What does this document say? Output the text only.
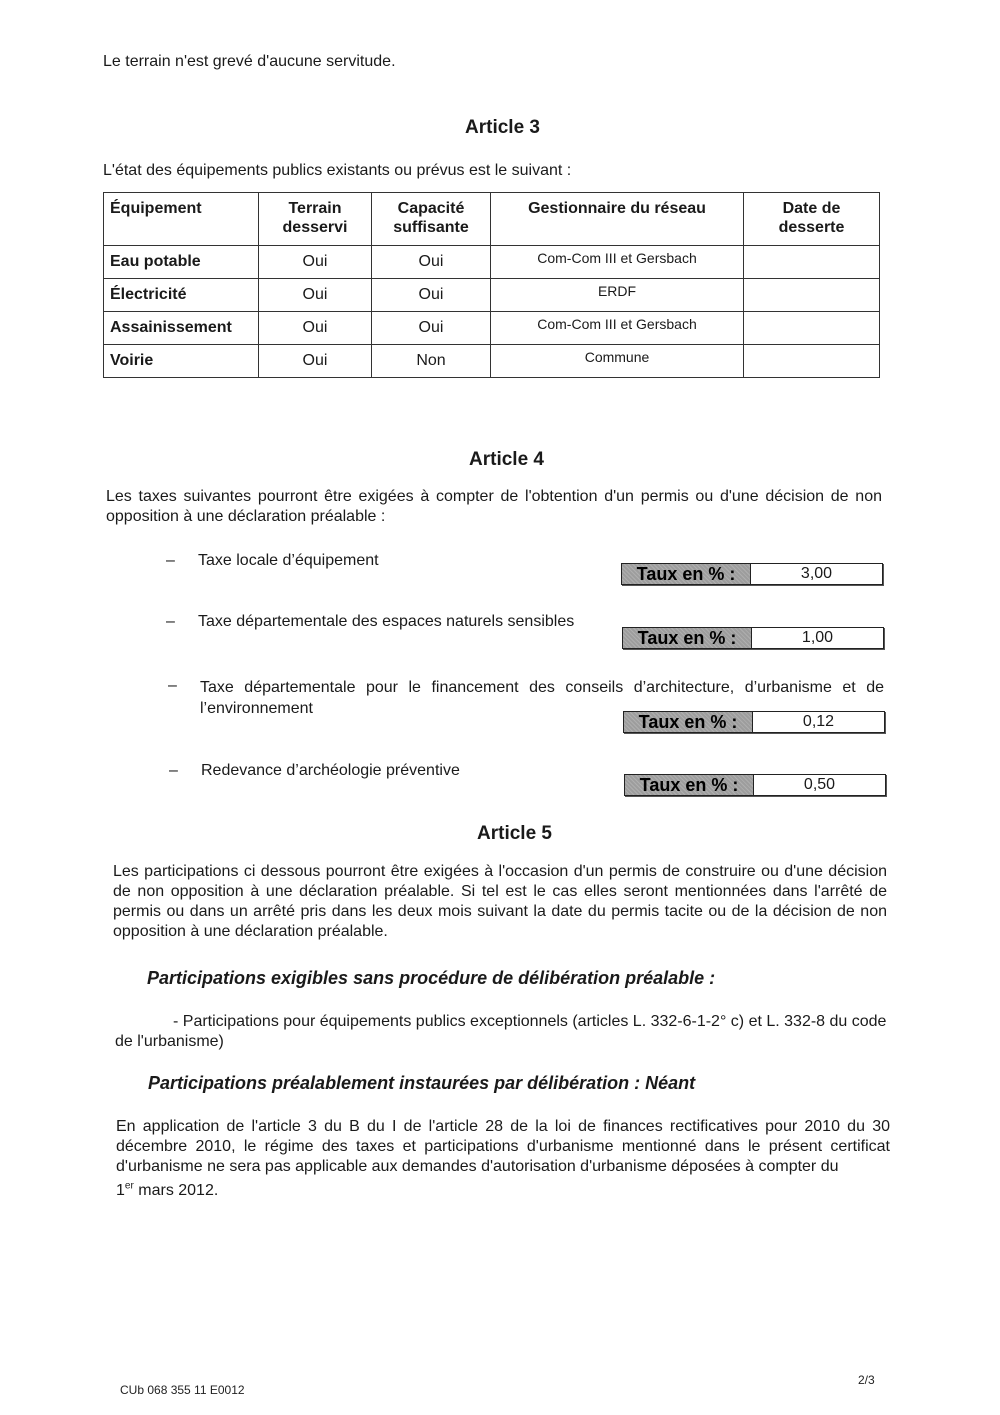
Le terrain n'est grevé d'aucune servitude.
Article 3
L'état des équipements publics existants ou prévus est le suivant :
Équipement	Terrain desservi	Capacité suffisante	Gestionnaire du réseau	Date de desserte
Eau potable	Oui	Oui	Com-Com III et Gersbach	
Électricité	Oui	Oui	ERDF	
Assainissement	Oui	Oui	Com-Com III et Gersbach	
Voirie	Oui	Non	Commune	
Article 4
Les taxes suivantes pourront être exigées à compter de l'obtention d'un permis ou d'une décision de non opposition à une déclaration préalable :
– Taxe locale d’équipement
Taux en % :	3,00
– Taxe départementale des espaces naturels sensibles
Taux en % :	1,00
– Taxe départementale pour le financement des conseils d’architecture, d’urbanisme et de l’environnement
Taux en % :	0,12
– Redevance d’archéologie préventive
Taux en % :	0,50
Article 5
Les participations ci dessous pourront être exigées à l'occasion d'un permis de construire ou d'une décision de non opposition à une déclaration préalable. Si tel est le cas elles seront mentionnées dans l'arrêté de permis ou dans un arrêté pris dans les deux mois suivant la date du permis tacite ou de la décision de non opposition à une déclaration préalable.
Participations exigibles sans procédure de délibération préalable :
- Participations pour équipements publics exceptionnels (articles L. 332-6-1-2° c) et L. 332-8 du code de l'urbanisme)
Participations préalablement instaurées par délibération : Néant
En application de l'article 3 du B du I de l'article 28 de la loi de finances rectificatives pour 2010 du 30 décembre 2010, le régime des taxes et participations d'urbanisme mentionné dans le présent certificat d'urbanisme ne sera pas applicable aux demandes d'autorisation d'urbanisme déposées à compter du
1er mars 2012.
CUb 068 355 11 E0012
2/3
